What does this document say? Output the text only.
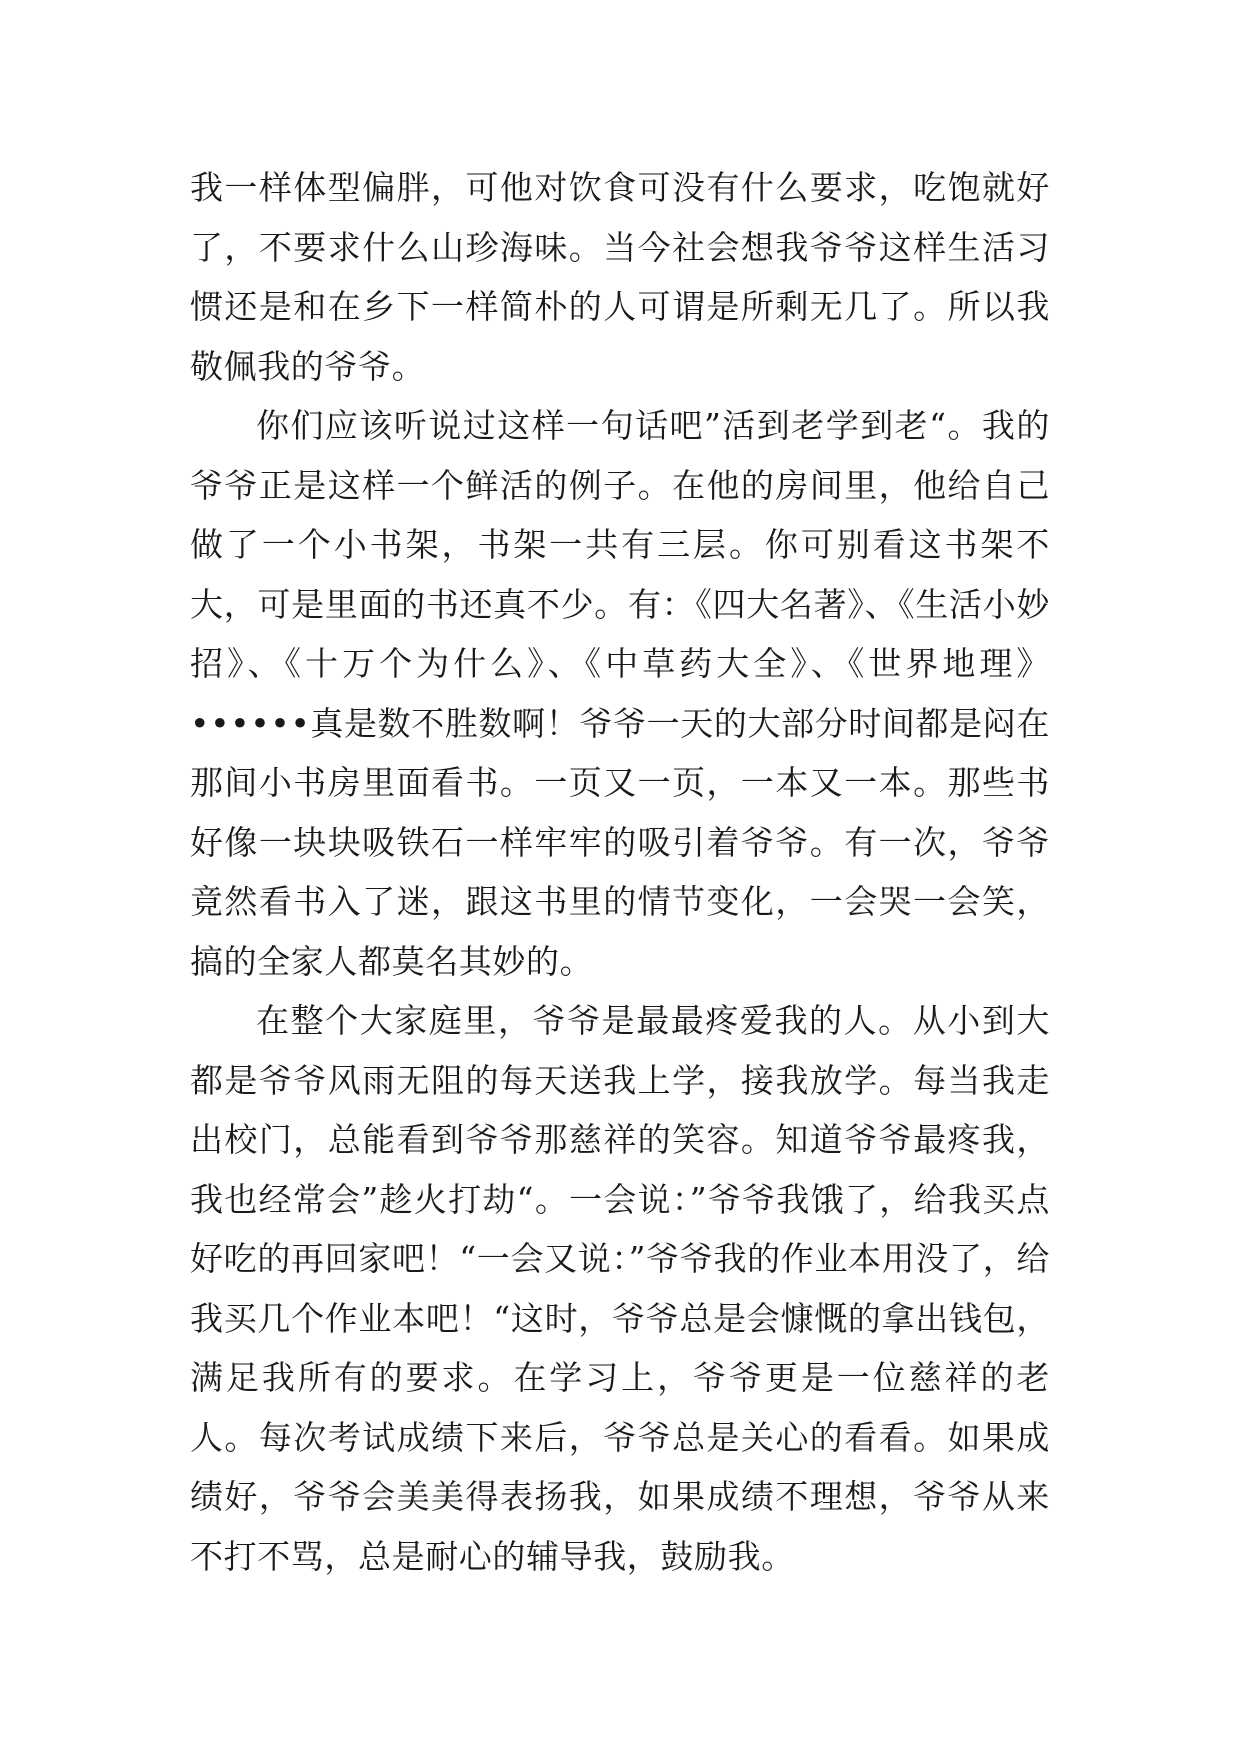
我一样体型偏胖，可他对饮食可没有什么要求，吃饱就好了，不要求什么山珍海味。当今社会想我爷爷这样生活习惯还是和在乡下一样简朴的人可谓是所剩无几了。所以我敬佩我的爷爷。

你们应该听说过这样一句话吧”活到老学到老“。我的爷爷正是这样一个鲜活的例子。在他的房间里，他给自己做了一个小书架，书架一共有三层。你可别看这书架不大，可是里面的书还真不少。有：《四大名著》、《生活小妙招》、《十万个为什么》、《中草药大全》、《世界地理》••••••真是数不胜数啊！爷爷一天的大部分时间都是闷在那间小书房里面看书。一页又一页，一本又一本。那些书好像一块块吸铁石一样牢牢的吸引着爷爷。有一次，爷爷竟然看书入了迷，跟这书里的情节变化，一会哭一会笑，搞的全家人都莫名其妙的。

在整个大家庭里，爷爷是最最疼爱我的人。从小到大都是爷爷风雨无阻的每天送我上学，接我放学。每当我走出校门，总能看到爷爷那慈祥的笑容。知道爷爷最疼我，我也经常会”趁火打劫“。一会说：”爷爷我饿了，给我买点好吃的再回家吧！“一会又说：”爷爷我的作业本用没了，给我买几个作业本吧！“这时，爷爷总是会慷慨的拿出钱包，满足我所有的要求。在学习上，爷爷更是一位慈祥的老人。每次考试成绩下来后，爷爷总是关心的看看。如果成绩好，爷爷会美美得表扬我，如果成绩不理想，爷爷从来不打不骂，总是耐心的辅导我，鼓励我。
